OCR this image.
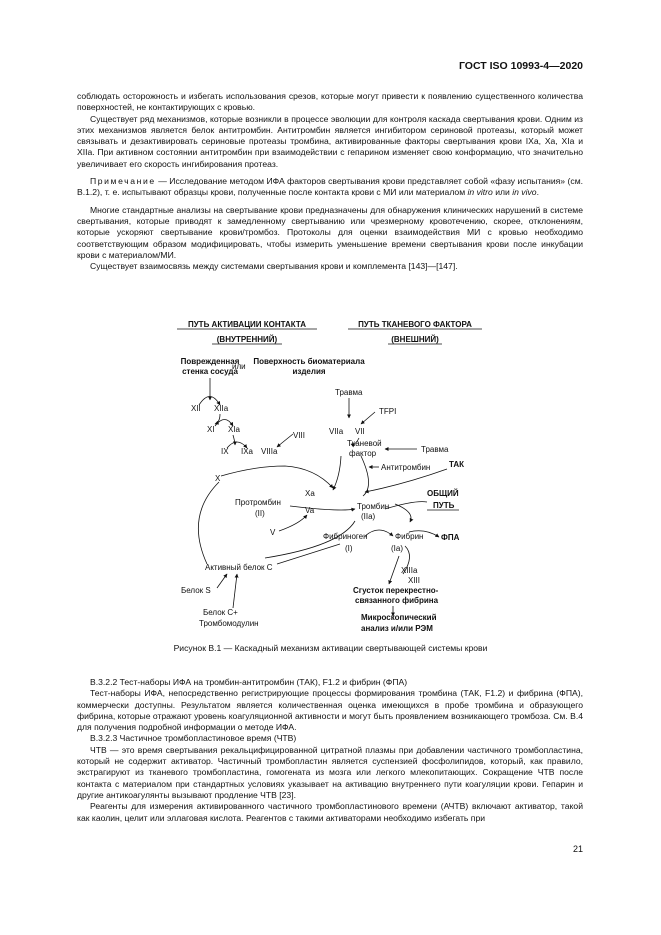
ГОСТ ISO 10993-4—2020

соблюдать осторожность и избегать использования срезов, которые могут привести к появлению существенного количества поверхностей, не контактирующих с кровью.

Существует ряд механизмов, которые возникли в процессе эволюции для контроля каскада свертывания крови. Одним из этих механизмов является белок антитромбин. Антитромбин является ингибитором сериновой протеазы, который может связывать и дезактивировать сериновые протеазы тромбина, активированные факторы свертывания крови IXa, Xa, XIa и XIIa. При активном состоянии антитромбин при взаимодействии с гепарином изменяет свою конформацию, что значительно увеличивает его скорость ингибирования протеаз.

Примечание — Исследование методом ИФА факторов свертывания крови представляет собой «фазу испытания» (см. В.1.2), т. е. испытывают образцы крови, полученные после контакта крови с МИ или материалом in vitro или in vivo.

Многие стандартные анализы на свертывание крови предназначены для обнаружения клинических нарушений в системе свертывания, которые приводят к замедленному свертыванию или чрезмерному кровотечению, скорее, отклонениям, которые ускоряют свертывание крови/тромбоз. Протоколы для оценки взаимодействия МИ с кровью необходимо соответствующим образом модифицировать, чтобы измерить уменьшение времени свертывания крови после инкубации крови с материалом/МИ.

Существует взаимосвязь между системами свертывания крови и комплемента [143]—[147].

ПУТЬ АКТИВАЦИИ КОНТАКТА
(ВНУТРЕННИЙ)
ПУТЬ ТКАНЕВОГО ФАКТОРА
(ВНЕШНИЙ)
Поврежденная
стенка сосуда
или
Поверхность биоматериала
изделия
XII XIIa
XI XIa
IX IXa VIIIa
VIII
X
Травма
TFPI
VIIa VII
Тканевой
фактор	Травма
Антитромбин ТАК
Xa
Va
ОБЩИЙ
ПУТЬ
Протромбин
(II)
Тромбин
(IIa)
V	Фибриноген
(I)
Фибрин
(Ia)
ФПА
XIIIa
XIII
Сгусток перекрестно-
связанного фибрина
Микроскопический
анализ и/или РЭМ
Активный белок С
Белок S
Белок С+
Тромбомодулин
Рисунок В.1 — Каскадный механизм активации свертывающей системы крови

В.3.2.2 Тест-наборы ИФА на тромбин-антитромбин (ТАК), F1.2 и фибрин (ФПА)

Тест-наборы ИФА, непосредственно регистрирующие процессы формирования тромбина (ТАК, F1.2) и фибрина (ФПА), коммерчески доступны. Результатом является количественная оценка имеющихся в пробе тромбина и образующего фибрина, которые отражают уровень коагуляционной активности и могут быть проявлением возникающего тромбоза. См. В.4 для получения подробной информации о методе ИФА.

В.3.2.3 Частичное тромбопластиновое время (ЧТВ)

ЧТВ — это время свертывания рекальцифицированной цитратной плазмы при добавлении частичного тромбопластина, который не содержит активатор. Частичный тромбопластин является суспензией фосфолипидов, который, как правило, экстрагируют из тканевого тромбопластина, гомогената из мозга или легкого млекопитающих. Сокращение ЧТВ после контакта с материалом при стандартных условиях указывает на активацию внутреннего пути коагуляции крови. Гепарин и другие антикоагулянты вызывают продление ЧТВ [23].

Реагенты для измерения активированного частичного тромбопластинового времени (АЧТВ) включают активатор, такой как каолин, целит или эллаговая кислота. Реагентов с такими активаторами необходимо избегать при

21
